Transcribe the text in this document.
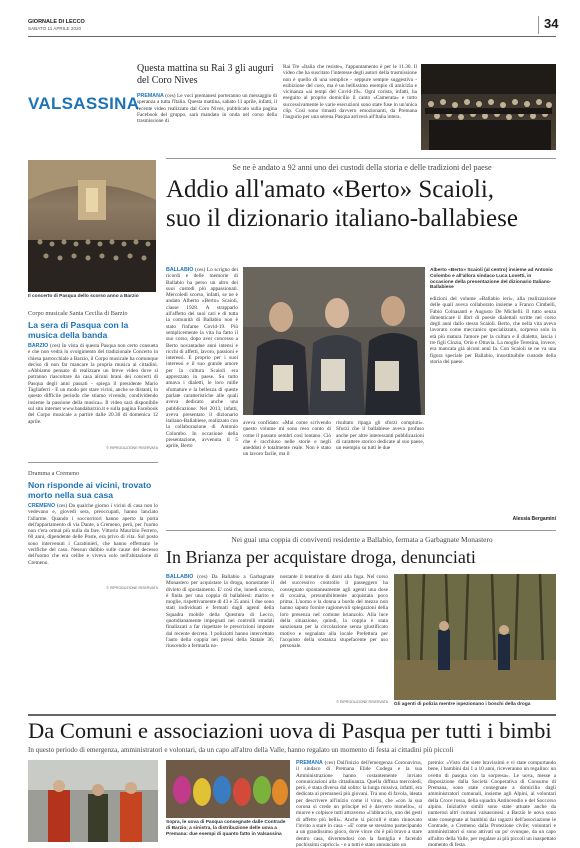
GIORNALE DI LECCO
SABATO 11 APRILE 2020	34
VALSASSINA
Questa mattina su Rai 3 gli auguri del Coro Nives
PREMANA (ces) Le voci premanesi porteranno un messaggio di speranza a tutta l'Italia. Questa mattina, sabato 11 aprile, infatti, il recente video realizzato dal Coro Nives, pubblicato sulla pagina Facebook del gruppo, sarà mandato in onda nel corso della trasmissione di
Rai Tre «Italia che resiste», l'appuntamento è per le 11.30. Il video che ha suscitato l'interesse degli autori della trasmissione non è quello di una semplice - seppure sempre suggestiva - esibizione del coro, ma è un bellissimo esempio di amicizia e vicinanza «ai tempi del Covid-19». Ogni corista, infatti, ha eseguito al proprio domicilio il canto «Camerata» e tutto successivamente le varie esecuzioni sono state fuse in un'unica clip. Così sono rimasti davvero emozionanti, da Premana l'augurio per una serena Pasqua arriverà all'Italia intera.
Il concerto di Pasqua dello scorso anno a Barzio
Corpo musicale Santa Cecilia di Barzio
La sera di Pasqua con la musica della banda
BARZIO (ces) In vista di questa Pasqua non certo consueta e che non vedrà lo svolgimento del tradizionale Concerto in chiesa parrocchiale a Barzio, il Corpo musicale ha comunque deciso di non far mancare la propria musica ai cittadini. «Abbiamo pensato di realizzare un breve video dove si potranno riascoltare da casa alcuni brani dei concerti di Pasqua degli anni passati - spiega il presidente Mario Tagliaferri - E un modo per stare vicini, anche se distanti, in questo difficile periodo che stiamo vivendo, condividendo insieme la passione della musica». Il video sarà disponibile sul sito internet www.bandabarzio.it e sulla pagina Facebook del Corpo musicale a partire dalle 20.30 di domenica 12 aprile.
© RIPRODUZIONE RISERVATA
Dramma a Cremeno
Non risponde ai vicini, trovato morto nella sua casa
CREMENO (ces) Da qualche giorno i vicini di casa non lo vedevano e, giovedì sera, preoccupati, hanno lanciato l'allarme. Quando i soccorritori hanno aperto la porta dell'appartamento di via Dante, a Cremeno, però, per l'uomo non c'era ormai più nulla da fare. Vittorio Maurizio Ferrero, 60 anni, dipendente delle Poste, era privo di vita. Sul posto sono intervenuti i Carabinieri, che hanno effettuato le verifiche del caso. Nessun dubbio sulle cause del decesso dell'uomo che era celibe e viveva solo nell'abitazione di Cremeno.
© RIPRODUZIONE RISERVATA
Se ne è andato a 92 anni uno dei custodi della storia e delle tradizioni del paese
Addio all'amato «Berto» Scaioli,
suo il dizionario italiano-ballabiese
BALLABIO (ces) Lo scrigno dei ricordi e delle memorie di Ballabio ha perso un altro dei suoi custodi più appassionati. Mercoledì scorso, infatti, se ne è andato Alberto «Berto» Scaioli, classe 1928. A strapparlo all'affetto dei suoi cari e di tutta la comunità di Ballabio non è stato l'infame Covid-19. Più semplicemente la vita ha fatto il suo corso, dopo aver concesso a Berto novantadue anni intensi e ricchi di affetti, lavoro, passioni e interessi. E proprio per i suoi interessi e il suo grande amore per la cultura Scaioli era apprezzato in paese. Su tutto amava i dialetti, le loro mille sfumature e la bellezza di queste parlate caratteristiche alle quali aveva dedicato anche una pubblicazione. Nel 2013, infatti, aveva presentato il dizionario italiano-Ballabiese, realizzato con la collaborazione di Antonio Colombo. In occasione della presentazione, avvenuta il 5 aprile, Berto
aveva confidato: «Mai come scrivendo questo volume mi sono reso conto di come il passato sembri così lontano. Ciò che è racchiuso nelle storie e negli aneddoti è totalmente reale. Non è stato un lavoro facile, ma il
risultato ripaga gli sforzi compiuti». Sforzi che il ballabiese aveva profuso anche per altre interessanti pubblicazioni di carattere storico dedicate al suo paese, un esempio su tutti le due
Alberto «Berto» Scaioli (al centro) insieme ad Antonio Colombo e all'allora sindaco Luca Lovetti, in occasione della presentazione del dizionario Italiano-Ballabiese
edizioni del volume «Ballabio ieri», alla realizzazione delle quali aveva collaborato insieme a Franco Cimbelli, Fabio Colnasanti e Augusto De Michelli. Il tutto senza dimenticare il libri di poesie dialettali scritte nel corso degli anni dallo stesso Scaioli. Berto, che nella vita aveva lavorato come meccanico specializzato, sorpreso solo in età più matura l'amore per la cultura e il dialetto, lascia i tre figli Cinzia, Orio e Ottavia. La moglie Teresina, invece, era mancata già alcuni anni fa. Con Scaioli se ne va una figura speciale per Ballabio, insostituibile custode della storia del paese.
Alessia Bergamini
Nei guai una coppia di conviventi residente a Ballabio, fermata a Garbagnate Monastero
In Brianza per acquistare droga, denunciati
BALLABIO (ces) Da Ballabio a Garbagnate Monastero per acquistare la droga, nonostante il divieto di spostamento. E' così che, lunedì scorso, è finita per una coppia di ballabiesi: marito e moglie, rispettivamente di 43 e 35 anni. I due sono stati individuati e fermati dagli agenti della Squadra mobile della Questura di Lecco, quotidianamente impegnati nei controlli stradali finalizzati a far rispettare le prescrizioni imposte dal recente decreto. I poliziotti hanno intercettato l'auto della coppia nei pressi della Statale 36, riuscendo a fermarla no-
nostante il tentativo di darsi alla fuga. Nel corso del successivo controllo il passeggero ha consegnato spontaneamente agli agenti una dose di cocaina, presumibilmente acquistata poco prima. L'uomo e la donna a bordo del mezzo non hanno saputo fornire ragionevoli spiegazioni della loro presenza nel comune brianzolo. Alla luce della situazione, quindi, la coppia è stata sanzionata per la circolazione senza giustificato motivo e segnalata alla locale Prefettura per l'acquisto della sostanza stupefacente per uso personale.
© RIPRODUZIONE RISERVATA Gli agenti di polizia mentre ispezionano i boschi della droga
Da Comuni e associazioni uova di Pasqua per tutti i bimbi
In questo periodo di emergenza, amministratori e volontari, da un capo all'altro della Valle, hanno regalato un momento di festa ai cittadini più piccoli
Sopra, le uova di Pasqua consegnate dalle Contrade di Barzio; a sinistra, la distribuzione delle uova a Premana: due esempi di quanto fatto in Valsassina
PREMANA (ces) Dall'inizio dell'emergenza Coronavirus, il sindaco di Premana Elide Codega e la sua Amministrazione hanno costantemente inviato comunicazioni alla cittadinanza. Quella diffusa mercoledì, però, è stata diversa dal solito: la lunga missiva, infatti, era dedicata ai premanesi più giovani. Tra uno di favola, ideata per descrivere all'inizio come il virus, che «con la sua corona si crede un principe ed è davvero monello», si muove e colpisce tutti attraverso «l'abbraccio, uno dei gesti di affetto più belli». Anche si piccoli è stato rinnovato l'invito a stare in casa - «E' come se stessimo partecipando a un grandissimo gioco, dove vince chi è più bravo a stare dentro casa, divertendosi con la famiglia e facendo pochissimi capricci» - e a tutti è stato annunciato un
premio: «Visto che siete bravissimi e vi state comportando bene, i bambini dai 1 a 10 anni, riceveranno un regalino: un ovetto di pasqua con la sorpresa». Le uova, messe a disposizione dalla Società Cooperativa di Consumo di Premana, sono state consegnate a domicilio dagli amministratori comunali, insieme agli Alpini, ai volontari della Croce rossa, della squadra Antincendio e del Soccorso alpino. Iniziative simili sono state attuate anche da numerosi altri comuni valsassinesi: a Barzio le uova sono state consegnate ai bambini dai ragazzi dell'associazione le Contrade, a Cremeno dalla Protezione civile; volontari e amministratori si sono attivati un po' ovunque, da un capo all'altro della Valle, per regalare ai più piccoli un inaspettato momento di festa.
